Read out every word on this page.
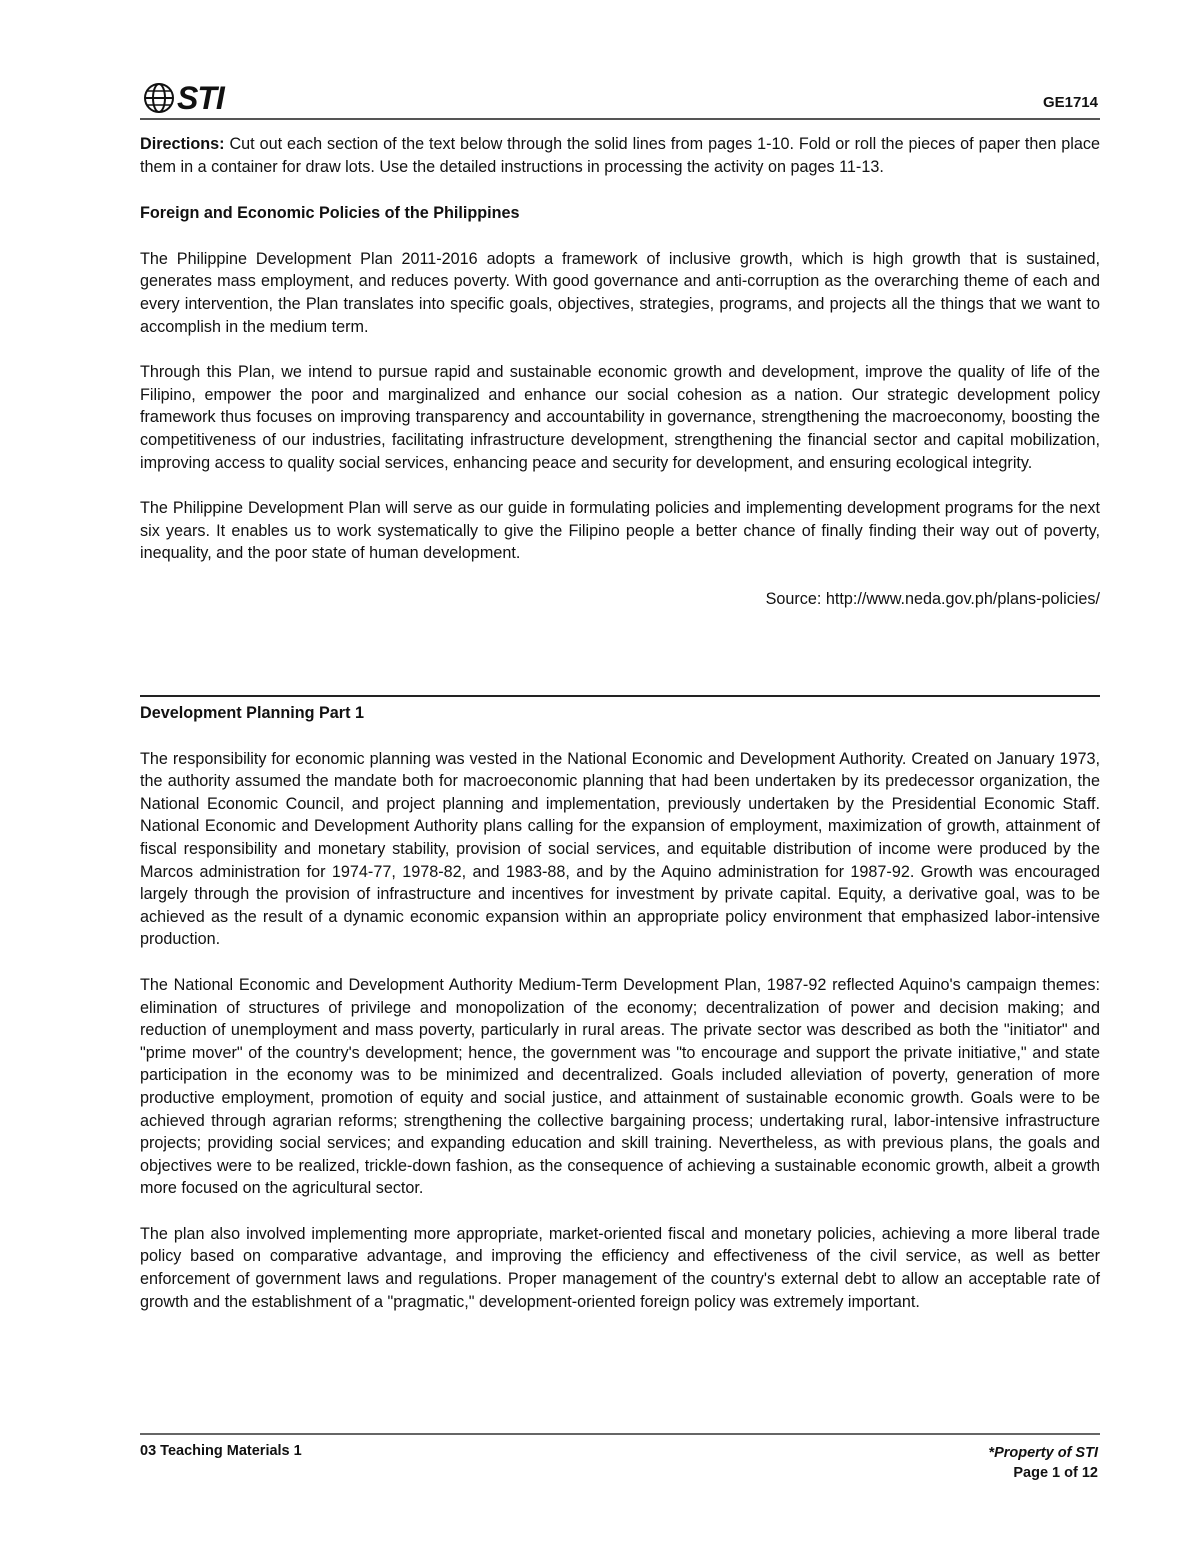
STI	GE1714

Directions: Cut out each section of the text below through the solid lines from pages 1-10. Fold or roll the pieces of paper then place them in a container for draw lots. Use the detailed instructions in processing the activity on pages 11-13.

Foreign and Economic Policies of the Philippines

The Philippine Development Plan 2011-2016 adopts a framework of inclusive growth, which is high growth that is sustained, generates mass employment, and reduces poverty. With good governance and anti-corruption as the overarching theme of each and every intervention, the Plan translates into specific goals, objectives, strategies, programs, and projects all the things that we want to accomplish in the medium term.

Through this Plan, we intend to pursue rapid and sustainable economic growth and development, improve the quality of life of the Filipino, empower the poor and marginalized and enhance our social cohesion as a nation. Our strategic development policy framework thus focuses on improving transparency and accountability in governance, strengthening the macroeconomy, boosting the competitiveness of our industries, facilitating infrastructure development, strengthening the financial sector and capital mobilization, improving access to quality social services, enhancing peace and security for development, and ensuring ecological integrity.

The Philippine Development Plan will serve as our guide in formulating policies and implementing development programs for the next six years. It enables us to work systematically to give the Filipino people a better chance of finally finding their way out of poverty, inequality, and the poor state of human development.

Source: http://www.neda.gov.ph/plans-policies/

Development Planning Part 1

The responsibility for economic planning was vested in the National Economic and Development Authority. Created on January 1973, the authority assumed the mandate both for macroeconomic planning that had been undertaken by its predecessor organization, the National Economic Council, and project planning and implementation, previously undertaken by the Presidential Economic Staff. National Economic and Development Authority plans calling for the expansion of employment, maximization of growth, attainment of fiscal responsibility and monetary stability, provision of social services, and equitable distribution of income were produced by the Marcos administration for 1974-77, 1978-82, and 1983-88, and by the Aquino administration for 1987-92. Growth was encouraged largely through the provision of infrastructure and incentives for investment by private capital. Equity, a derivative goal, was to be achieved as the result of a dynamic economic expansion within an appropriate policy environment that emphasized labor-intensive production.

The National Economic and Development Authority Medium-Term Development Plan, 1987-92 reflected Aquino's campaign themes: elimination of structures of privilege and monopolization of the economy; decentralization of power and decision making; and reduction of unemployment and mass poverty, particularly in rural areas. The private sector was described as both the "initiator" and "prime mover" of the country's development; hence, the government was "to encourage and support the private initiative," and state participation in the economy was to be minimized and decentralized. Goals included alleviation of poverty, generation of more productive employment, promotion of equity and social justice, and attainment of sustainable economic growth. Goals were to be achieved through agrarian reforms; strengthening the collective bargaining process; undertaking rural, labor-intensive infrastructure projects; providing social services; and expanding education and skill training. Nevertheless, as with previous plans, the goals and objectives were to be realized, trickle-down fashion, as the consequence of achieving a sustainable economic growth, albeit a growth more focused on the agricultural sector.

The plan also involved implementing more appropriate, market-oriented fiscal and monetary policies, achieving a more liberal trade policy based on comparative advantage, and improving the efficiency and effectiveness of the civil service, as well as better enforcement of government laws and regulations. Proper management of the country's external debt to allow an acceptable rate of growth and the establishment of a "pragmatic," development-oriented foreign policy was extremely important.

03 Teaching Materials 1	*Property of STI
Page 1 of 12
